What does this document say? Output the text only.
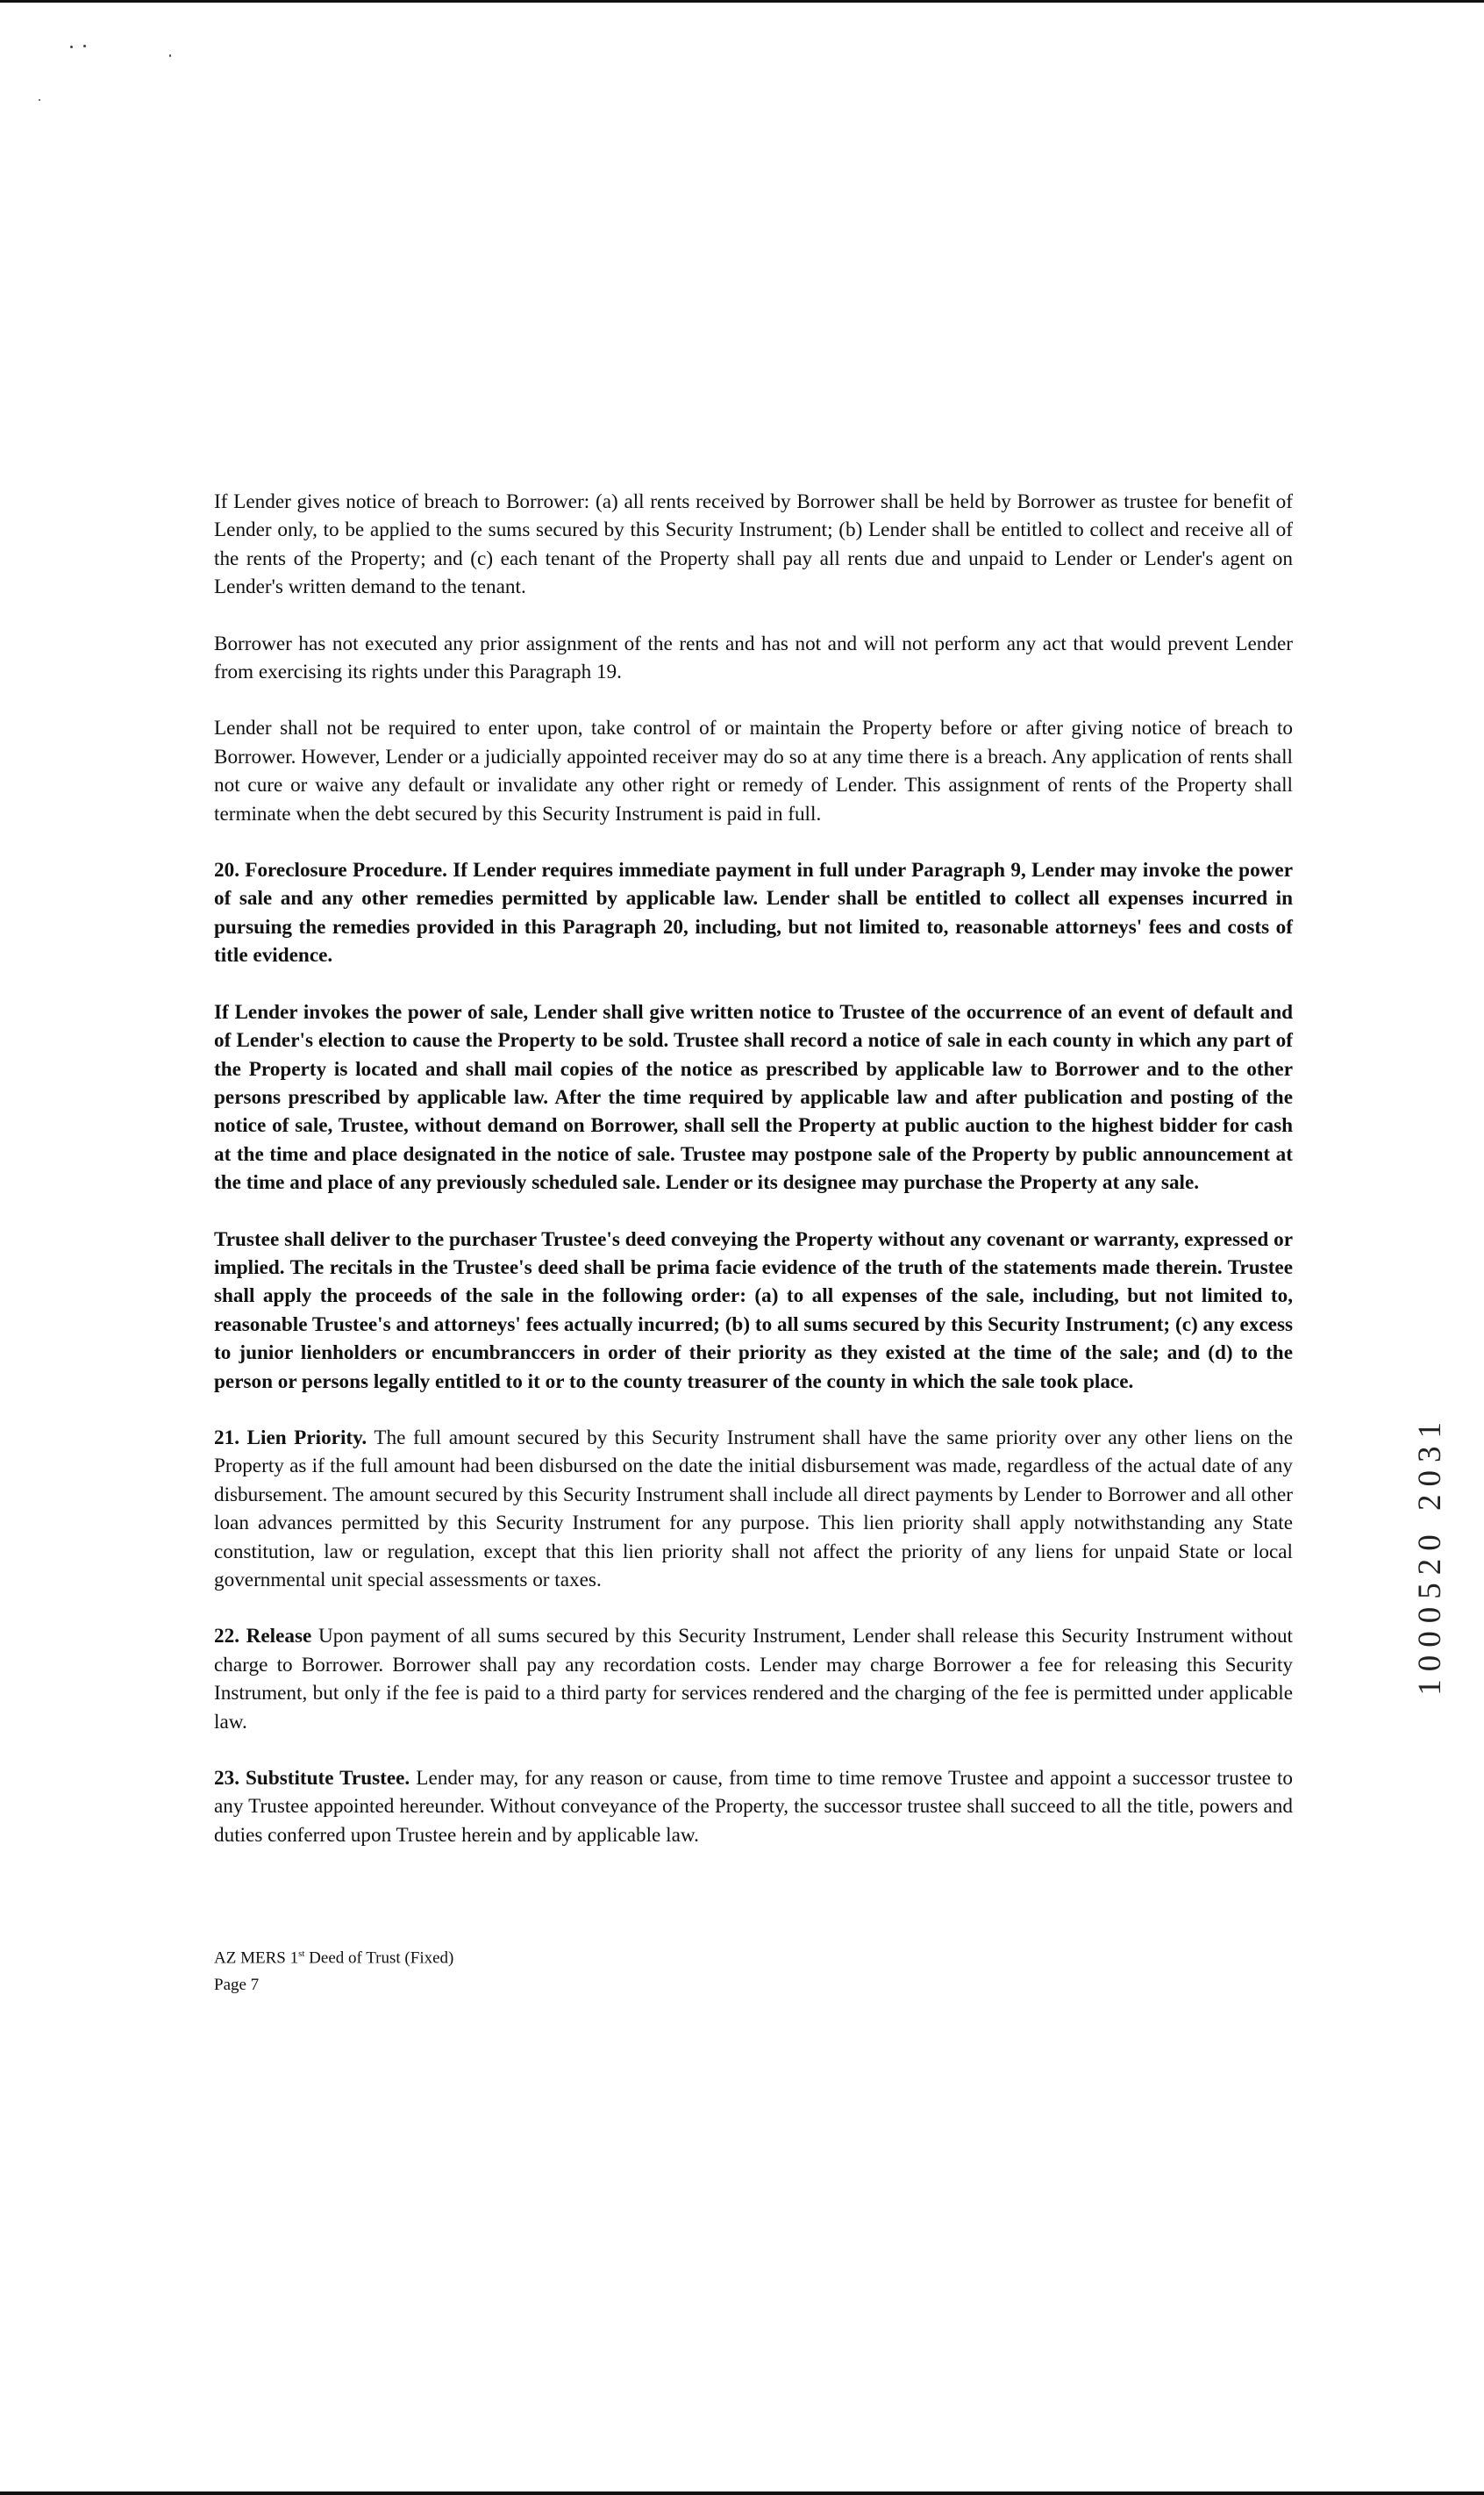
If Lender gives notice of breach to Borrower: (a) all rents received by Borrower shall be held by Borrower as trustee for benefit of Lender only, to be applied to the sums secured by this Security Instrument; (b) Lender shall be entitled to collect and receive all of the rents of the Property; and (c) each tenant of the Property shall pay all rents due and unpaid to Lender or Lender's agent on Lender's written demand to the tenant.

Borrower has not executed any prior assignment of the rents and has not and will not perform any act that would prevent Lender from exercising its rights under this Paragraph 19.

Lender shall not be required to enter upon, take control of or maintain the Property before or after giving notice of breach to Borrower. However, Lender or a judicially appointed receiver may do so at any time there is a breach. Any application of rents shall not cure or waive any default or invalidate any other right or remedy of Lender. This assignment of rents of the Property shall terminate when the debt secured by this Security Instrument is paid in full.

20. Foreclosure Procedure. If Lender requires immediate payment in full under Paragraph 9, Lender may invoke the power of sale and any other remedies permitted by applicable law. Lender shall be entitled to collect all expenses incurred in pursuing the remedies provided in this Paragraph 20, including, but not limited to, reasonable attorneys' fees and costs of title evidence.

If Lender invokes the power of sale, Lender shall give written notice to Trustee of the occurrence of an event of default and of Lender's election to cause the Property to be sold. Trustee shall record a notice of sale in each county in which any part of the Property is located and shall mail copies of the notice as prescribed by applicable law to Borrower and to the other persons prescribed by applicable law. After the time required by applicable law and after publication and posting of the notice of sale, Trustee, without demand on Borrower, shall sell the Property at public auction to the highest bidder for cash at the time and place designated in the notice of sale. Trustee may postpone sale of the Property by public announcement at the time and place of any previously scheduled sale. Lender or its designee may purchase the Property at any sale.

Trustee shall deliver to the purchaser Trustee's deed conveying the Property without any covenant or warranty, expressed or implied. The recitals in the Trustee's deed shall be prima facie evidence of the truth of the statements made therein. Trustee shall apply the proceeds of the sale in the following order: (a) to all expenses of the sale, including, but not limited to, reasonable Trustee's and attorneys' fees actually incurred; (b) to all sums secured by this Security Instrument; (c) any excess to junior lienholders or encumbranccers in order of their priority as they existed at the time of the sale; and (d) to the person or persons legally entitled to it or to the county treasurer of the county in which the sale took place.

21. Lien Priority. The full amount secured by this Security Instrument shall have the same priority over any other liens on the Property as if the full amount had been disbursed on the date the initial disbursement was made, regardless of the actual date of any disbursement. The amount secured by this Security Instrument shall include all direct payments by Lender to Borrower and all other loan advances permitted by this Security Instrument for any purpose. This lien priority shall apply notwithstanding any State constitution, law or regulation, except that this lien priority shall not affect the priority of any liens for unpaid State or local governmental unit special assessments or taxes.

22. Release Upon payment of all sums secured by this Security Instrument, Lender shall release this Security Instrument without charge to Borrower. Borrower shall pay any recordation costs. Lender may charge Borrower a fee for releasing this Security Instrument, but only if the fee is paid to a third party for services rendered and the charging of the fee is permitted under applicable law.

23. Substitute Trustee. Lender may, for any reason or cause, from time to time remove Trustee and appoint a successor trustee to any Trustee appointed hereunder. Without conveyance of the Property, the successor trustee shall succeed to all the title, powers and duties conferred upon Trustee herein and by applicable law.

AZ MERS 1st Deed of Trust (Fixed)
Page 7
1000520 2031
